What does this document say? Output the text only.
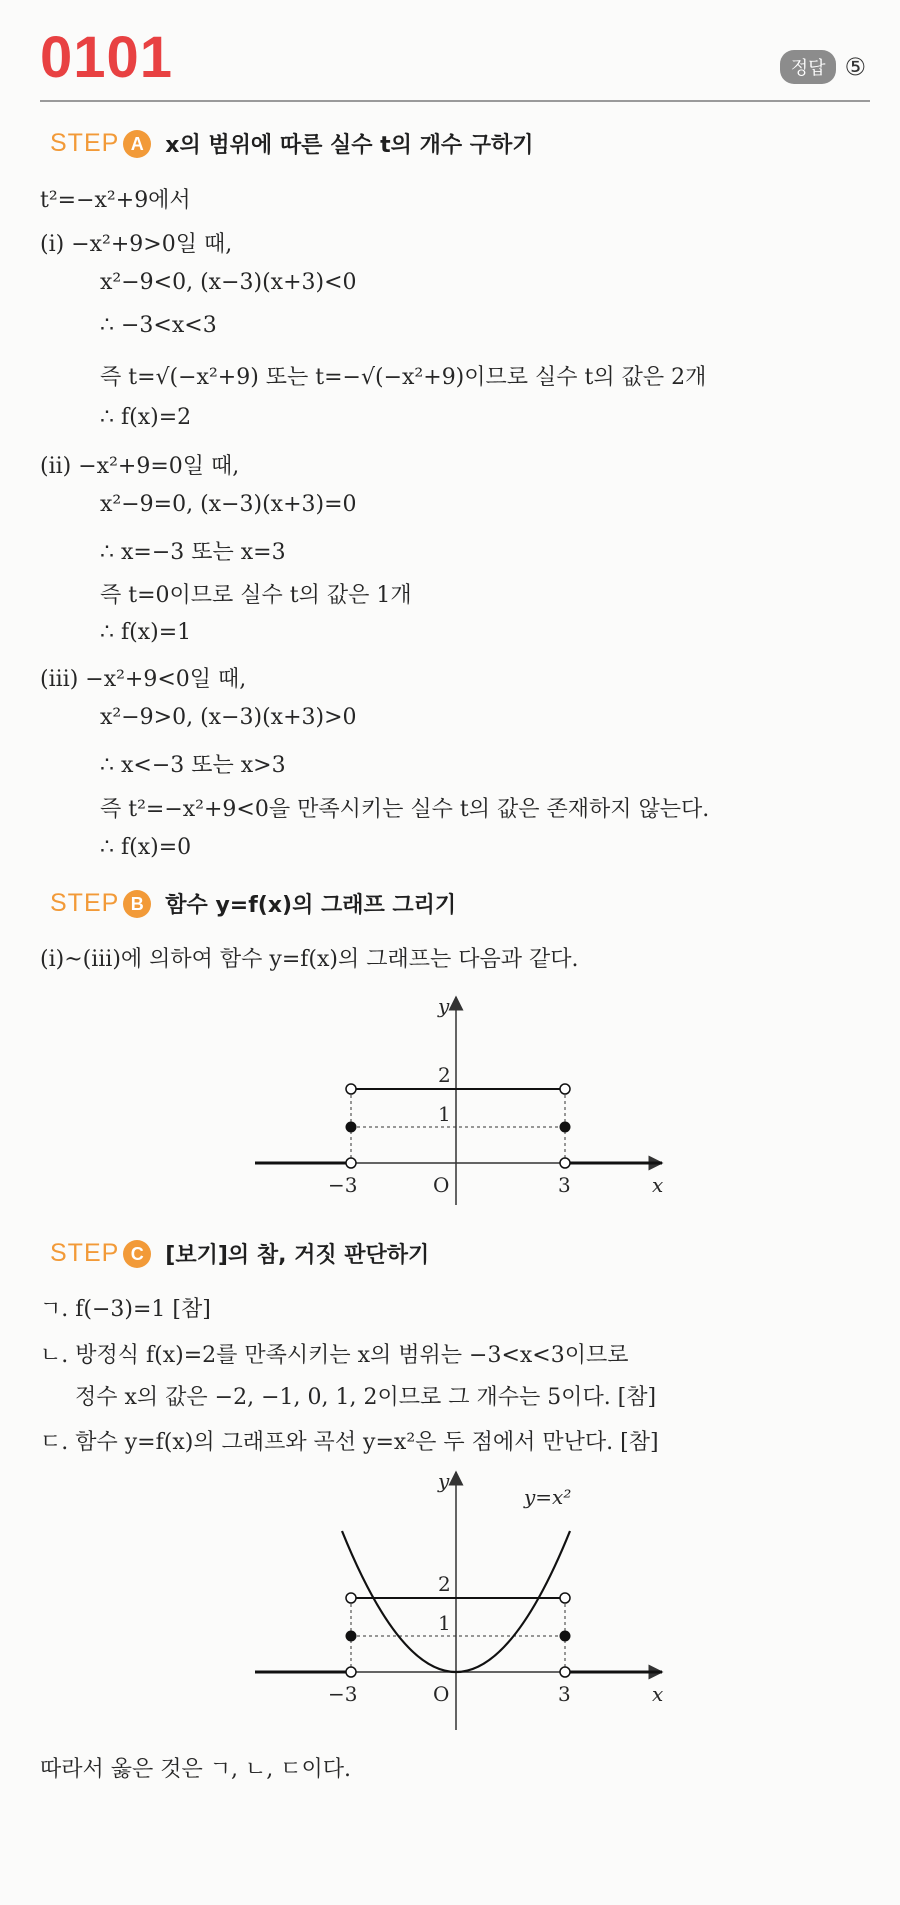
0101	정답 ⑤
STEP A x의 범위에 따른 실수 t의 개수 구하기
t²=−x²+9에서
(ⅰ) −x²+9>0일 때,
x²−9<0, (x−3)(x+3)<0
∴ −3<x<3
즉 t=√(−x²+9) 또는 t=−√(−x²+9)이므로 실수 t의 값은 2개
∴ f(x)=2
(ⅱ) −x²+9=0일 때,
x²−9=0, (x−3)(x+3)=0
∴ x=−3 또는 x=3
즉 t=0이므로 실수 t의 값은 1개
∴ f(x)=1
(ⅲ) −x²+9<0일 때,
x²−9>0, (x−3)(x+3)>0
∴ x<−3 또는 x>3
즉 t²=−x²+9<0을 만족시키는 실수 t의 값은 존재하지 않는다.
∴ f(x)=0
STEP B 함수 y=f(x)의 그래프 그리기
(ⅰ)~(ⅲ)에 의하여 함수 y=f(x)의 그래프는 다음과 같다.
y
x
O
−3	3
2
1
STEP C [보기]의 참, 거짓 판단하기
ㄱ. f(−3)=1 [참]
ㄴ. 방정식 f(x)=2를 만족시키는 x의 범위는 −3<x<3이므로
정수 x의 값은 −2, −1, 0, 1, 2이므로 그 개수는 5이다. [참]
ㄷ. 함수 y=f(x)의 그래프와 곡선 y=x²은 두 점에서 만난다. [참]
y
x
O
−3	3
2
1
y=x²
따라서 옳은 것은 ㄱ, ㄴ, ㄷ이다.
